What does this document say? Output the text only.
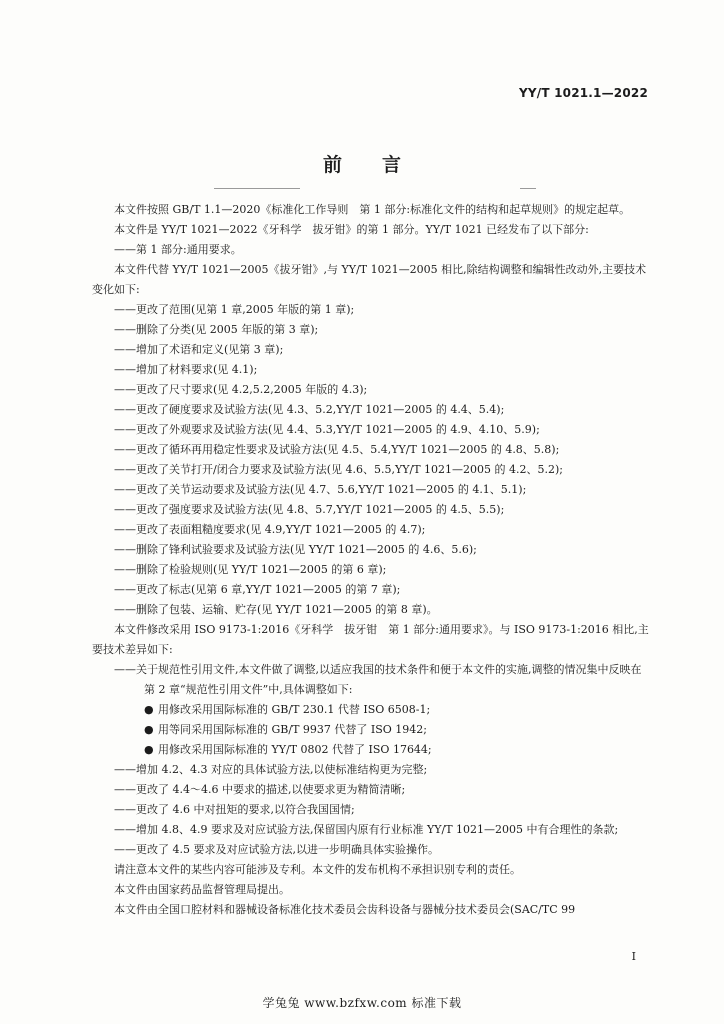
YY/T 1021.1—2022
前言
本文件按照 GB/T 1.1—2020《标准化工作导则　第 1 部分:标准化文件的结构和起草规则》的规定起草。
本文件是 YY/T 1021—2022《牙科学　拔牙钳》的第 1 部分。YY/T 1021 已经发布了以下部分:
——第 1 部分:通用要求。
本文件代替 YY/T 1021—2005《拔牙钳》,与 YY/T 1021—2005 相比,除结构调整和编辑性改动外,主要技术变化如下:
——更改了范围(见第 1 章,2005 年版的第 1 章);
——删除了分类(见 2005 年版的第 3 章);
——增加了术语和定义(见第 3 章);
——增加了材料要求(见 4.1);
——更改了尺寸要求(见 4.2,5.2,2005 年版的 4.3);
——更改了硬度要求及试验方法(见 4.3、5.2,YY/T 1021—2005 的 4.4、5.4);
——更改了外观要求及试验方法(见 4.4、5.3,YY/T 1021—2005 的 4.9、4.10、5.9);
——更改了循环再用稳定性要求及试验方法(见 4.5、5.4,YY/T 1021—2005 的 4.8、5.8);
——更改了关节打开/闭合力要求及试验方法(见 4.6、5.5,YY/T 1021—2005 的 4.2、5.2);
——更改了关节运动要求及试验方法(见 4.7、5.6,YY/T 1021—2005 的 4.1、5.1);
——更改了强度要求及试验方法(见 4.8、5.7,YY/T 1021—2005 的 4.5、5.5);
——更改了表面粗糙度要求(见 4.9,YY/T 1021—2005 的 4.7);
——删除了锋利试验要求及试验方法(见 YY/T 1021—2005 的 4.6、5.6);
——删除了检验规则(见 YY/T 1021—2005 的第 6 章);
——更改了标志(见第 6 章,YY/T 1021—2005 的第 7 章);
——删除了包装、运输、贮存(见 YY/T 1021—2005 的第 8 章)。
本文件修改采用 ISO 9173-1:2016《牙科学　拔牙钳　第 1 部分:通用要求》。与 ISO 9173-1:2016 相比,主要技术差异如下:
——关于规范性引用文件,本文件做了调整,以适应我国的技术条件和便于本文件的实施,调整的情况集中反映在第 2 章“规范性引用文件”中,具体调整如下:
● 用修改采用国际标准的 GB/T 230.1 代替 ISO 6508-1;
● 用等同采用国际标准的 GB/T 9937 代替了 ISO 1942;
● 用修改采用国际标准的 YY/T 0802 代替了 ISO 17644;
——增加 4.2、4.3 对应的具体试验方法,以使标准结构更为完整;
——更改了 4.4～4.6 中要求的描述,以使要求更为精简清晰;
——更改了 4.6 中对扭矩的要求,以符合我国国情;
——增加 4.8、4.9 要求及对应试验方法,保留国内原有行业标准 YY/T 1021—2005 中有合理性的条款;
——更改了 4.5 要求及对应试验方法,以进一步明确具体实验操作。
请注意本文件的某些内容可能涉及专利。本文件的发布机构不承担识别专利的责任。
本文件由国家药品监督管理局提出。
本文件由全国口腔材料和器械设备标准化技术委员会齿科设备与器械分技术委员会(SAC/TC 99
I
学兔兔 www.bzfxw.com 标准下载
